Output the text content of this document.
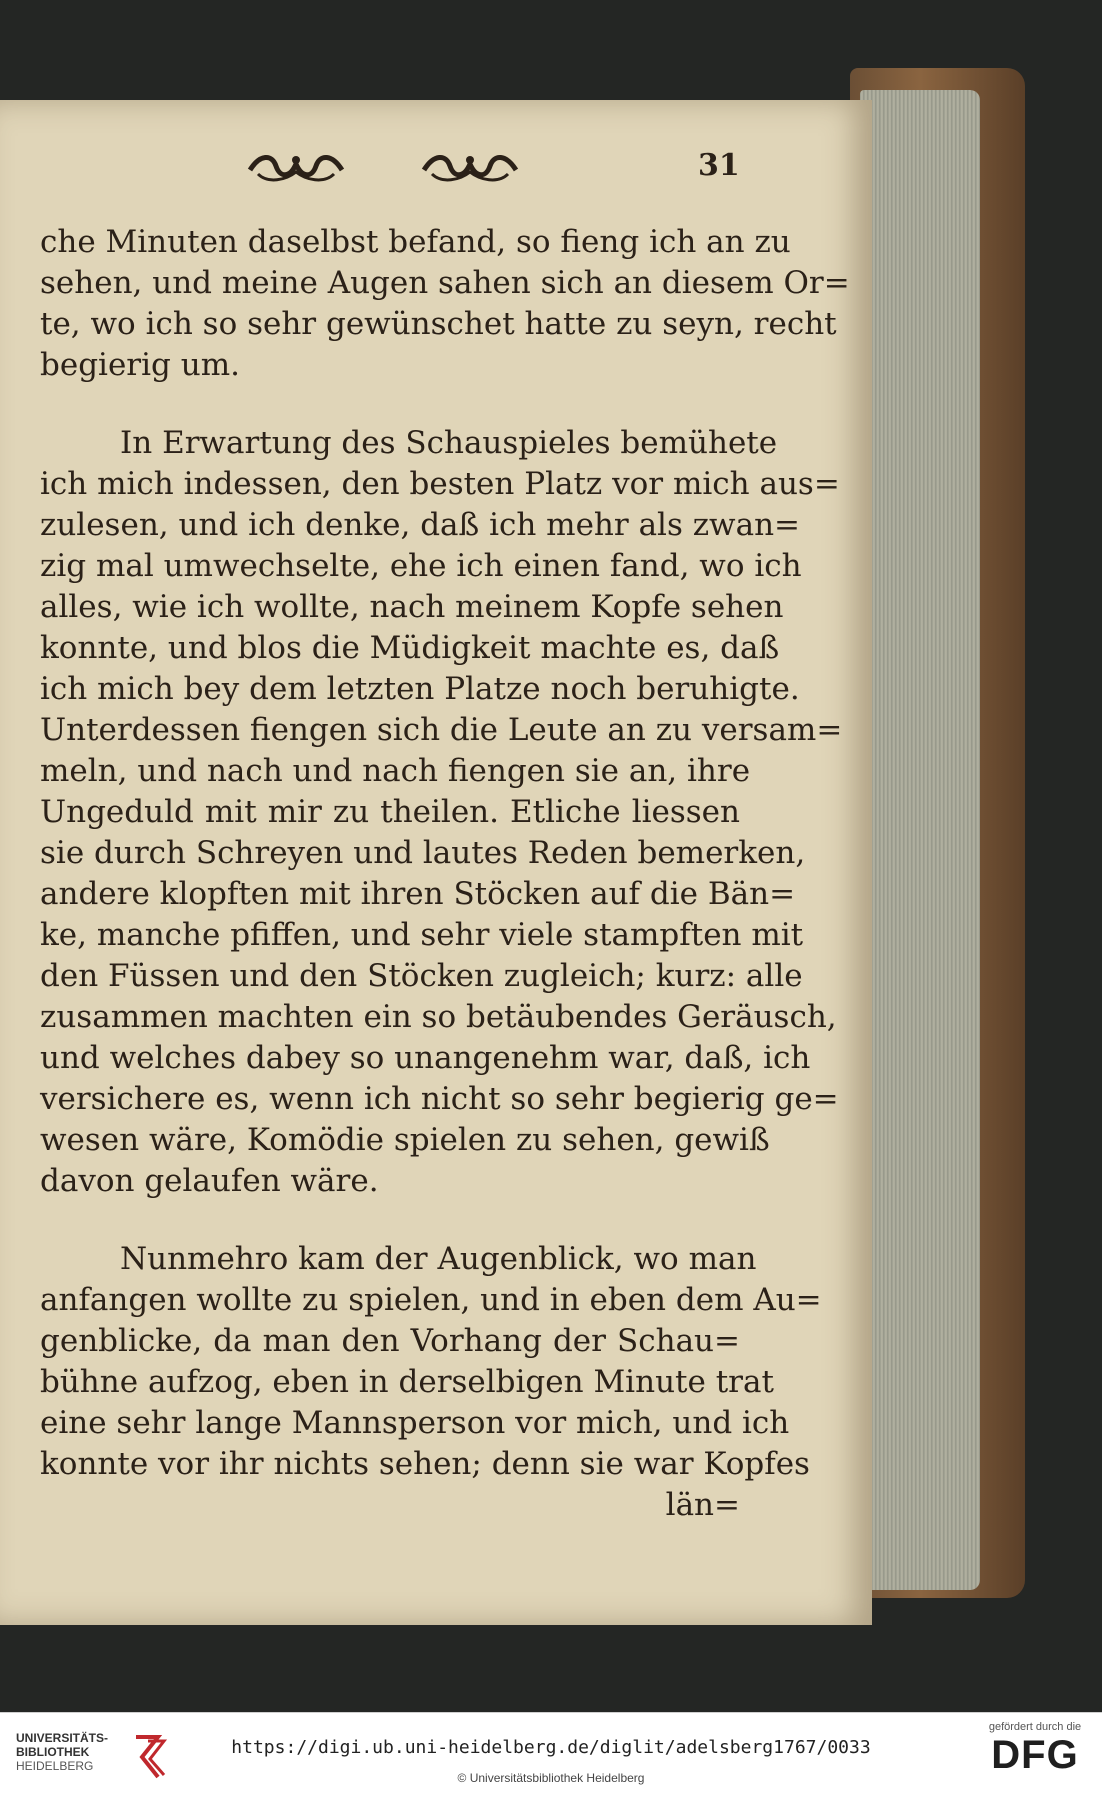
31
che Minuten daselbst befand, so fieng ich an zu
sehen, und meine Augen sahen sich an diesem Or=
te, wo ich so sehr gewünschet hatte zu seyn, recht
begierig um.
In Erwartung des Schauspieles bemühete
ich mich indessen, den besten Platz vor mich aus=
zulesen, und ich denke, daß ich mehr als zwan=
zig mal umwechselte, ehe ich einen fand, wo ich
alles, wie ich wollte, nach meinem Kopfe sehen
konnte, und blos die Müdigkeit machte es, daß
ich mich bey dem letzten Platze noch beruhigte.
Unterdessen fiengen sich die Leute an zu versam=
meln, und nach und nach fiengen sie an, ihre
Ungeduld mit mir zu theilen. Etliche liessen
sie durch Schreyen und lautes Reden bemerken,
andere klopften mit ihren Stöcken auf die Bän=
ke, manche pfiffen, und sehr viele stampften mit
den Füssen und den Stöcken zugleich; kurz: alle
zusammen machten ein so betäubendes Geräusch,
und welches dabey so unangenehm war, daß, ich
versichere es, wenn ich nicht so sehr begierig ge=
wesen wäre, Komödie spielen zu sehen, gewiß
davon gelaufen wäre.
Nunmehro kam der Augenblick, wo man
anfangen wollte zu spielen, und in eben dem Au=
genblicke, da man den Vorhang der Schau=
bühne aufzog, eben in derselbigen Minute trat
eine sehr lange Mannsperson vor mich, und ich
konnte vor ihr nichts sehen; denn sie war Kopfes
län=
UNIVERSITÄTS-
BIBLIOTHEK
HEIDELBERG
https://digi.ub.uni-heidelberg.de/diglit/adelsberg1767/0033
© Universitätsbibliothek Heidelberg
gefördert durch die
DFG
